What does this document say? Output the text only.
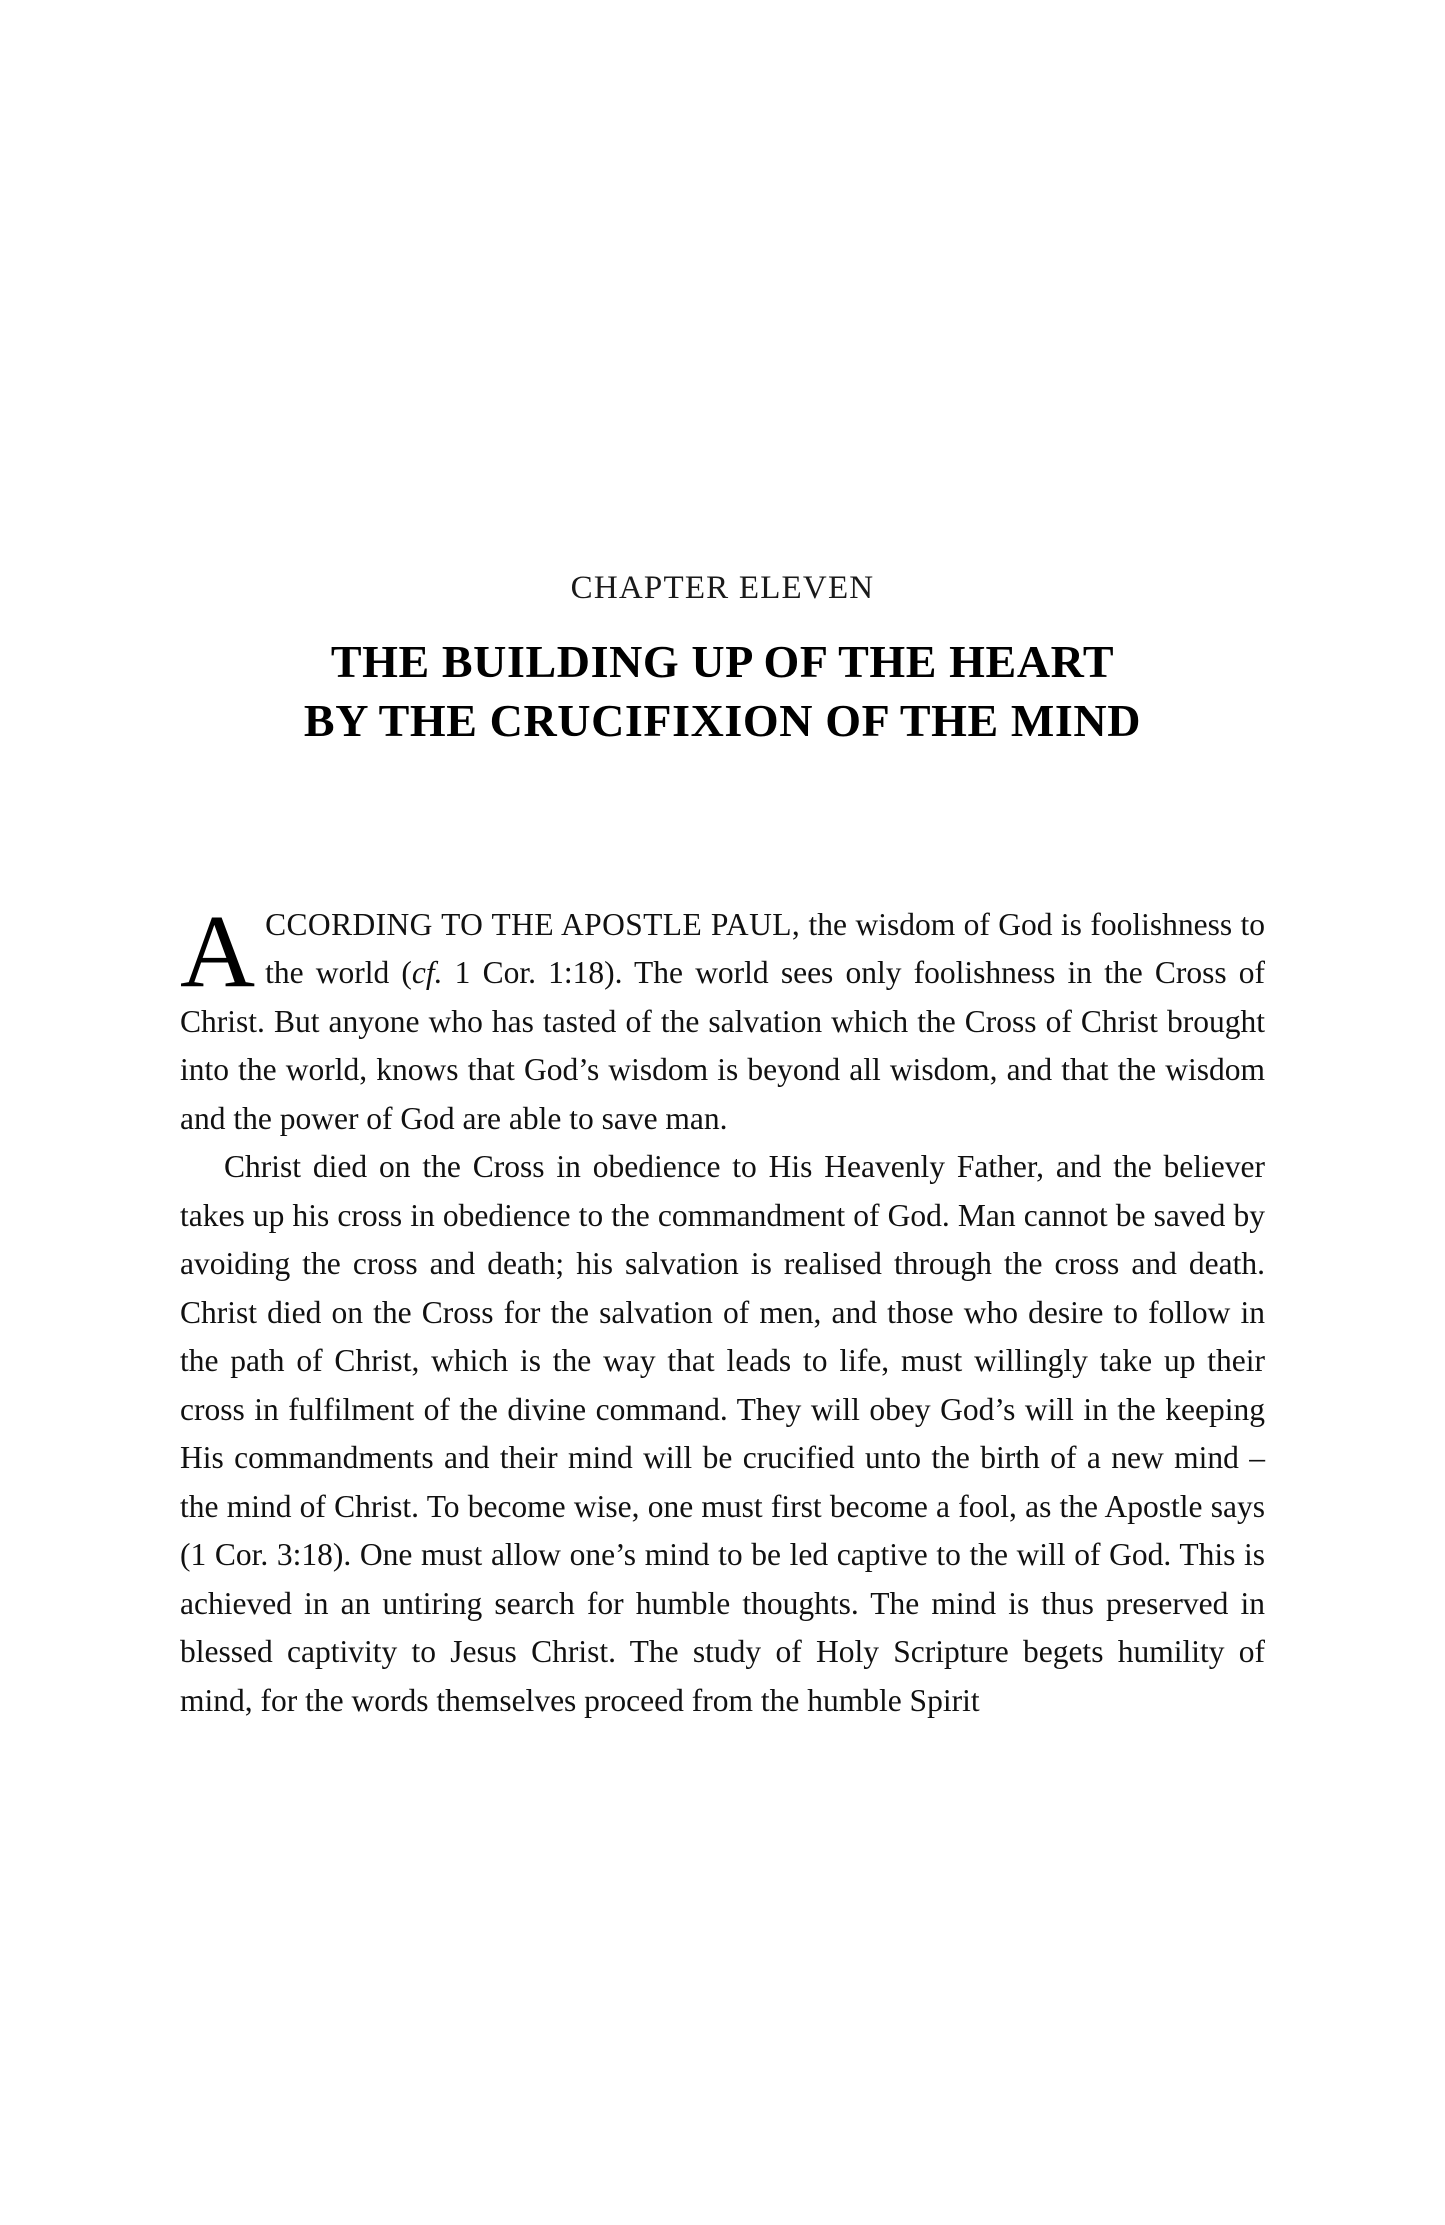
CHAPTER ELEVEN
THE BUILDING UP OF THE HEART
BY THE CRUCIFIXION OF THE MIND

ACCORDING TO THE APOSTLE PAUL, the wisdom of God is foolishness to the world (cf. 1 Cor. 1:18). The world sees only foolishness in the Cross of Christ. But anyone who has tasted of the salvation which the Cross of Christ brought into the world, knows that God’s wisdom is beyond all wisdom, and that the wisdom and the power of God are able to save man.

Christ died on the Cross in obedience to His Heavenly Father, and the believer takes up his cross in obedience to the commandment of God. Man cannot be saved by avoiding the cross and death; his salvation is realised through the cross and death. Christ died on the Cross for the salvation of men, and those who desire to follow in the path of Christ, which is the way that leads to life, must willingly take up their cross in fulfilment of the divine command. They will obey God’s will in the keeping His commandments and their mind will be crucified unto the birth of a new mind – the mind of Christ. To become wise, one must first become a fool, as the Apostle says (1 Cor. 3:18). One must allow one’s mind to be led captive to the will of God. This is achieved in an untiring search for humble thoughts. The mind is thus preserved in blessed captivity to Jesus Christ. The study of Holy Scripture begets humility of mind, for the words themselves proceed from the humble Spirit
